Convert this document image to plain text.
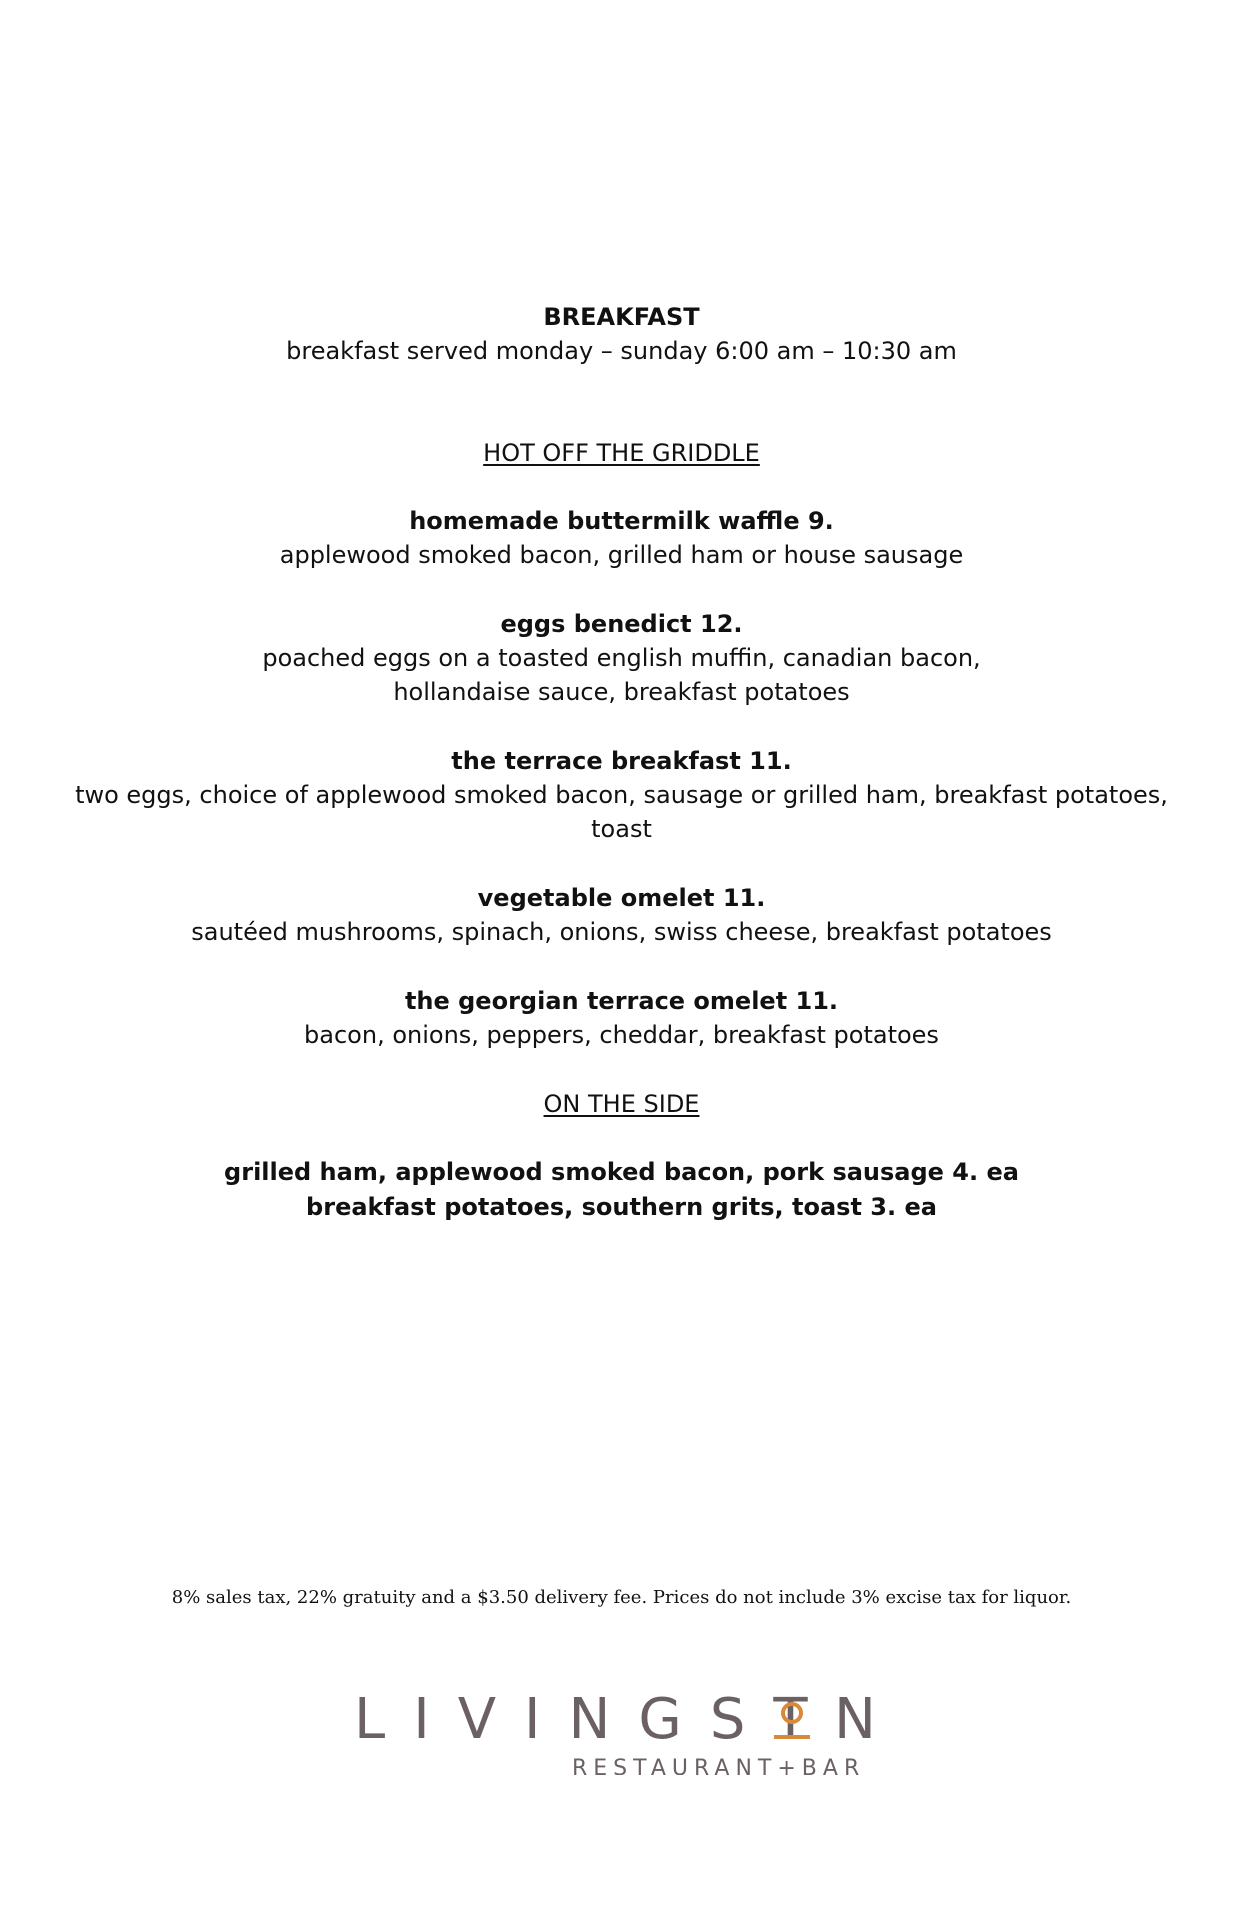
BREAKFAST
breakfast served monday – sunday 6:00 am – 10:30 am
HOT OFF THE GRIDDLE
homemade buttermilk waffle 9.
applewood smoked bacon, grilled ham or house sausage
eggs benedict 12.
poached eggs on a toasted english muffin, canadian bacon,
hollandaise sauce, breakfast potatoes
the terrace breakfast 11.
two eggs, choice of applewood smoked bacon, sausage or grilled ham, breakfast potatoes,
toast
vegetable omelet 11.
sautéed mushrooms, spinach, onions, swiss cheese, breakfast potatoes
the georgian terrace omelet 11.
bacon, onions, peppers, cheddar, breakfast potatoes
ON THE SIDE
grilled ham, applewood smoked bacon, pork sausage 4. ea
breakfast potatoes, southern grits, toast 3. ea
8% sales tax, 22% gratuity and a $3.50 delivery fee. Prices do not include 3% excise tax for liquor.
LIVINGST
N
RESTAURANT+BAR
